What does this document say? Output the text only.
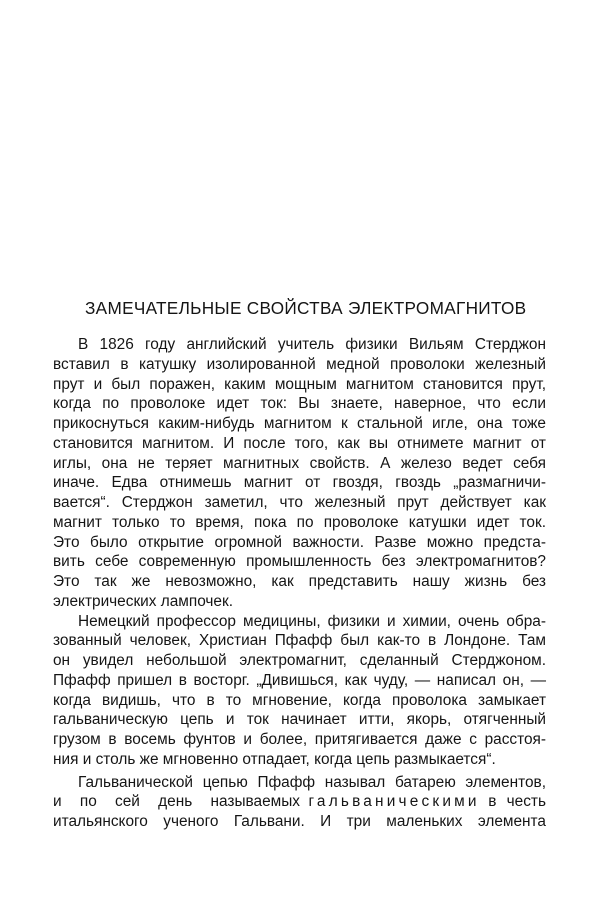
ЗАМЕЧАТЕЛЬНЫЕ СВОЙСТВА ЭЛЕКТРОМАГНИТОВ
В 1826 году английский учитель физики Вильям Стерджон
вставил в катушку изолированной медной проволоки железный
прут и был поражен, каким мощным магнитом становится прут,
когда по проволоке идет ток: Вы знаете, наверное, что если
прикоснуться каким-нибудь магнитом к стальной игле, она тоже
становится магнитом. И после того, как вы отнимете магнит от
иглы, она не теряет магнитных свойств. А железо ведет себя
иначе. Едва отнимешь магнит от гвоздя, гвоздь „размагничи-
вается“. Стерджон заметил, что железный прут действует как
магнит только то время, пока по проволоке катушки идет ток.
Это было открытие огромной важности. Разве можно предста-
вить себе современную промышленность без электромагнитов?
Это так же невозможно, как представить нашу жизнь без
электрических лампочек.
Немецкий профессор медицины, физики и химии, очень обра-
зованный человек, Христиан Пфафф был как-то в Лондоне. Там
он увидел небольшой электромагнит, сделанный Стерджоном.
Пфафф пришел в восторг. „Дивишься, как чуду, — написал он, —
когда видишь, что в то мгновение, когда проволока замыкает
гальваническую цепь и ток начинает итти, якорь, отягченный
грузом в восемь фунтов и более, притягивается даже с расстоя-
ния и столь же мгновенно отпадает, когда цепь размыкается“.
Гальванической цепью Пфафф называл батарею элементов,
и по сей день называемых гальваническими в честь
итальянского ученого Гальвани. И три маленьких элемента
